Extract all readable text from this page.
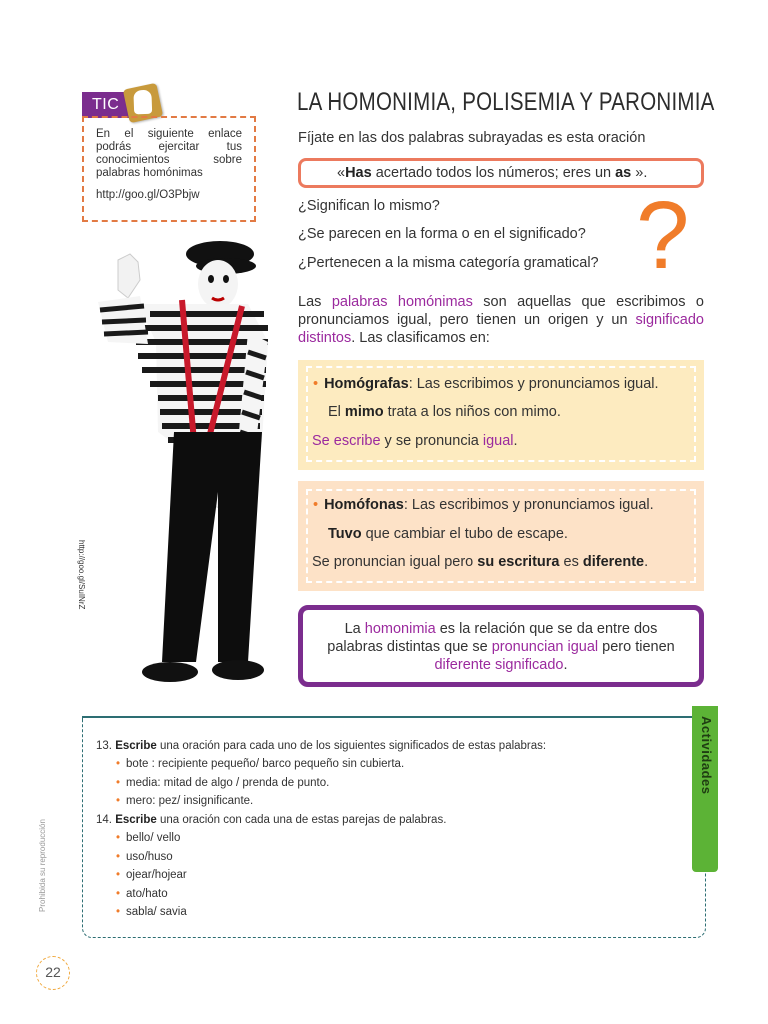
TIC
En el siguiente enlace podrás ejercitar tus conocimientos sobre palabras homónimas
http://goo.gl/O3Pbjw
http://goo.gl/SuINrZ
LA HOMONIMIA, POLISEMIA Y PARONIMIA
Fíjate en las dos palabras subrayadas es esta oración
«Has acertado todos los números; eres un as ».
¿Significan lo mismo?
¿Se parecen en la forma o en el significado?
¿Pertenecen a la misma categoría gramatical? ?
Las palabras homónimas son aquellas que escribimos o pronunciamos igual, pero tienen un origen y un significado distintos. Las clasificamos en:
• Homógrafas: Las escribimos y pronunciamos igual.
El mimo trata a los niños con mimo.
Se escribe y se pronuncia igual.
• Homófonas: Las escribimos y pronunciamos igual.
Tuvo que cambiar el tubo de escape.
Se pronuncian igual pero su escritura es diferente.
La homonimia es la relación que se da entre dos palabras distintas que se pronuncian igual pero tienen diferente significado.
Actividades
13. Escribe una oración para cada uno de los siguientes significados de estas palabras:
• bote : recipiente pequeño/ barco pequeño sin cubierta.
• media: mitad de algo / prenda de punto.
• mero: pez/ insignificante.
14. Escribe una oración con cada una de estas parejas de palabras.
• bello/ vello
• uso/huso
• ojear/hojear
• ato/hato
• sabla/ savia
Prohibida su reproducción
22
